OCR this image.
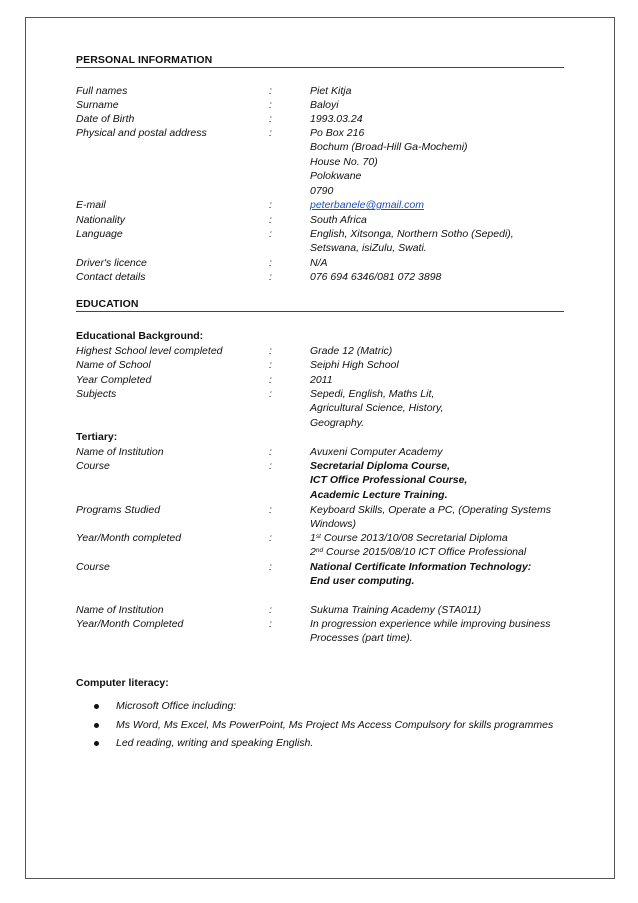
PERSONAL INFORMATION
Full names	:	Piet Kitja
Surname	:	Baloyi
Date of Birth	:	1993.03.24
Physical and postal address	:	Po Box 216
Bochum (Broad-Hill Ga-Mochemi)
House No. 70)
Polokwane
0790
E-mail	:	peterbanele@gmail.com
Nationality	:	South Africa
Language	:	English, Xitsonga, Northern Sotho (Sepedi),
Setswana, isiZulu, Swati.
Driver's licence	:	N/A
Contact details	:	076 694 6346/081 072 3898
EDUCATION
Educational Background:
Highest School level completed	:	Grade 12 (Matric)
Name of School	:	Seiphi High School
Year Completed	:	2011
Subjects	:	Sepedi, English, Maths Lit,
Agricultural Science, History,
Geography.
Tertiary:
Name of Institution	:	Avuxeni Computer Academy
Course	:	Secretarial Diploma Course,
ICT Office Professional Course,
Academic Lecture Training.
Programs Studied	:	Keyboard Skills, Operate a PC, (Operating Systems
Windows)
Year/Month completed	:	1st Course 2013/10/08 Secretarial Diploma
2nd Course 2015/08/10 ICT Office Professional
Course	:	National Certificate Information Technology:
End user computing.
Name of Institution	:	Sukuma Training Academy (STA011)
Year/Month Completed	:	In progression experience while improving business
Processes (part time).
Computer literacy:
Microsoft Office including:
Ms Word, Ms Excel, Ms PowerPoint, Ms Project Ms Access Compulsory for skills programmes
Led reading, writing and speaking English.
